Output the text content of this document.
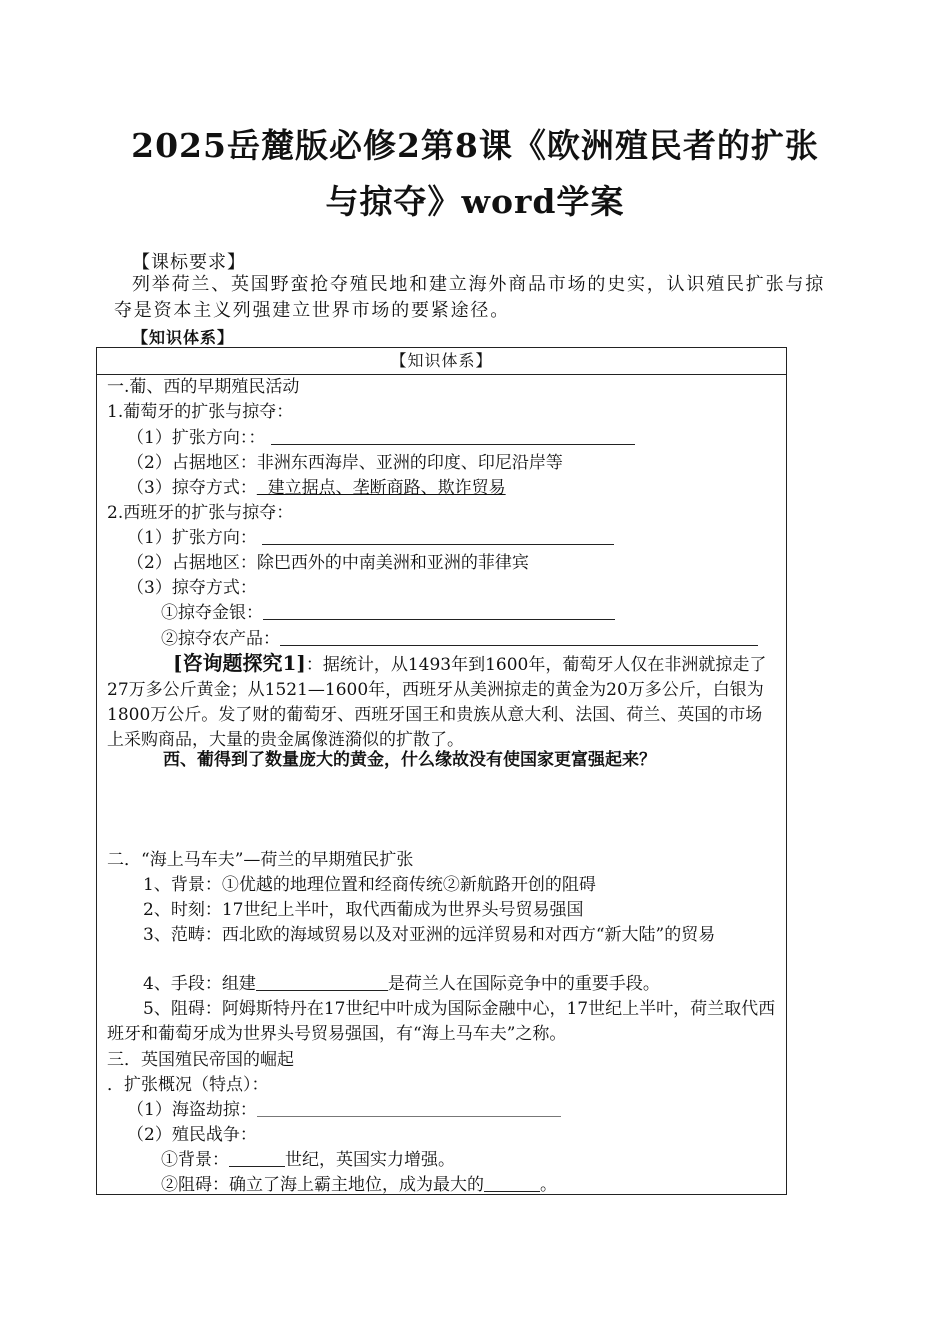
2025岳麓版必修2第8课《欧洲殖民者的扩张
与掠夺》word学案
【课标要求】
列举荷兰、英国野蛮抢夺殖民地和建立海外商品市场的史实，认识殖民扩张与掠夺是资本主义列强建立世界市场的要紧途径。
【知识体系】
【知识体系】
一.葡、西的早期殖民活动
1.葡萄牙的扩张与掠夺：
（1）扩张方向：：
（2）占据地区：非洲东西海岸、亚洲的印度、印尼沿岸等
（3）掠夺方式：  建立据点、垄断商路、欺诈贸易
2.西班牙的扩张与掠夺：
（1）扩张方向：
（2）占据地区：除巴西外的中南美洲和亚洲的菲律宾
（3）掠夺方式：
①掠夺金银：
②掠夺农产品：
[咨询题探究1]：据统计，从1493年到1600年，葡萄牙人仅在非洲就掠走了27万多公斤黄金；从1521—1600年，西班牙从美洲掠走的黄金为20万多公斤，白银为1800万公斤。发了财的葡萄牙、西班牙国王和贵族从意大利、法国、荷兰、英国的市场上采购商品，大量的贵金属像涟漪似的扩散了。
西、葡得到了数量庞大的黄金，什么缘故没有使国家更富强起来？
二．“海上马车夫”—荷兰的早期殖民扩张
1、背景：①优越的地理位置和经商传统②新航路开创的阻碍
2、时刻：17世纪上半叶，取代西葡成为世界头号贸易强国
3、范畴：西北欧的海域贸易以及对亚洲的远洋贸易和对西方“新大陆”的贸易
4、手段：组建	是荷兰人在国际竞争中的重要手段。
5、阻碍：阿姆斯特丹在17世纪中叶成为国际金融中心，17世纪上半叶，荷兰取代西班牙和葡萄牙成为世界头号贸易强国，有“海上马车夫”之称。
三．英国殖民帝国的崛起
．扩张概况（特点）：
（1）海盗劫掠：
（2）殖民战争：
①背景：	世纪，英国实力增强。
②阻碍：确立了海上霸主地位，成为最大的	。
